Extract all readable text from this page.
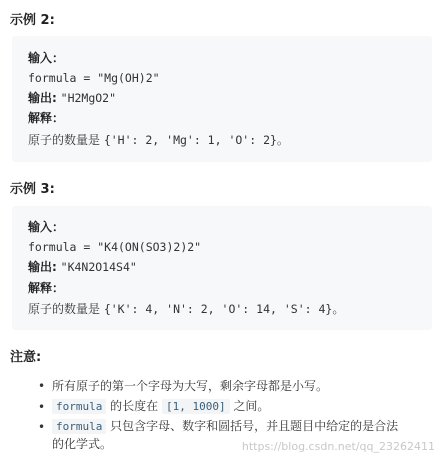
示例 2:
输入：
formula = "Mg(OH)2"
输出: "H2MgO2"
解释：
原子的数量是 {'H': 2, 'Mg': 1, 'O': 2}。
示例 3:
输入：
formula = "K4(ON(SO3)2)2"
输出: "K4N2O14S4"
解释：
原子的数量是 {'K': 4, 'N': 2, 'O': 14, 'S': 4}。
注意:
• 所有原子的第一个字母为大写，剩余字母都是小写。
• formula 的长度在 [1, 1000] 之间。
• formula 只包含字母、数字和圆括号，并且题目中给定的是合法
的化学式。	https://blog.csdn.net/qq_23262411
